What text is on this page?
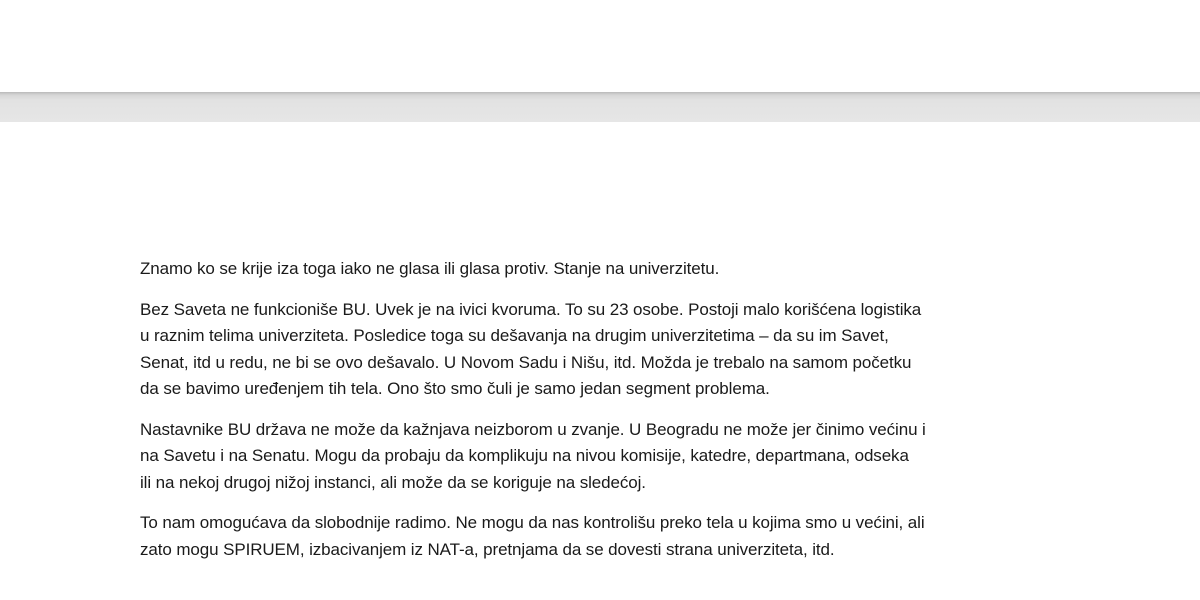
Znamo ko se krije iza toga iako ne glasa ili glasa protiv. Stanje na univerzitetu.

Bez Saveta ne funkcioniše BU. Uvek je na ivici kvoruma. To su 23 osobe. Postoji malo korišćena logistika
u raznim telima univerziteta. Posledice toga su dešavanja na drugim univerzitetima – da su im Savet,
Senat, itd u redu, ne bi se ovo dešavalo. U Novom Sadu i Nišu, itd. Možda je trebalo na samom početku
da se bavimo uređenjem tih tela. Ono što smo čuli je samo jedan segment problema.

Nastavnike BU država ne može da kažnjava neizborom u zvanje. U Beogradu ne može jer činimo većinu i
na Savetu i na Senatu. Mogu da probaju da komplikuju na nivou komisije, katedre, departmana, odseka
ili na nekoj drugoj nižoj instanci, ali može da se koriguje na sledećoj.

To nam omogućava da slobodnije radimo. Ne mogu da nas kontrolišu preko tela u kojima smo u većini, ali
zato mogu SPIRUEM, izbacivanjem iz NAT-a, pretnjama da se dovesti strana univerziteta, itd.
